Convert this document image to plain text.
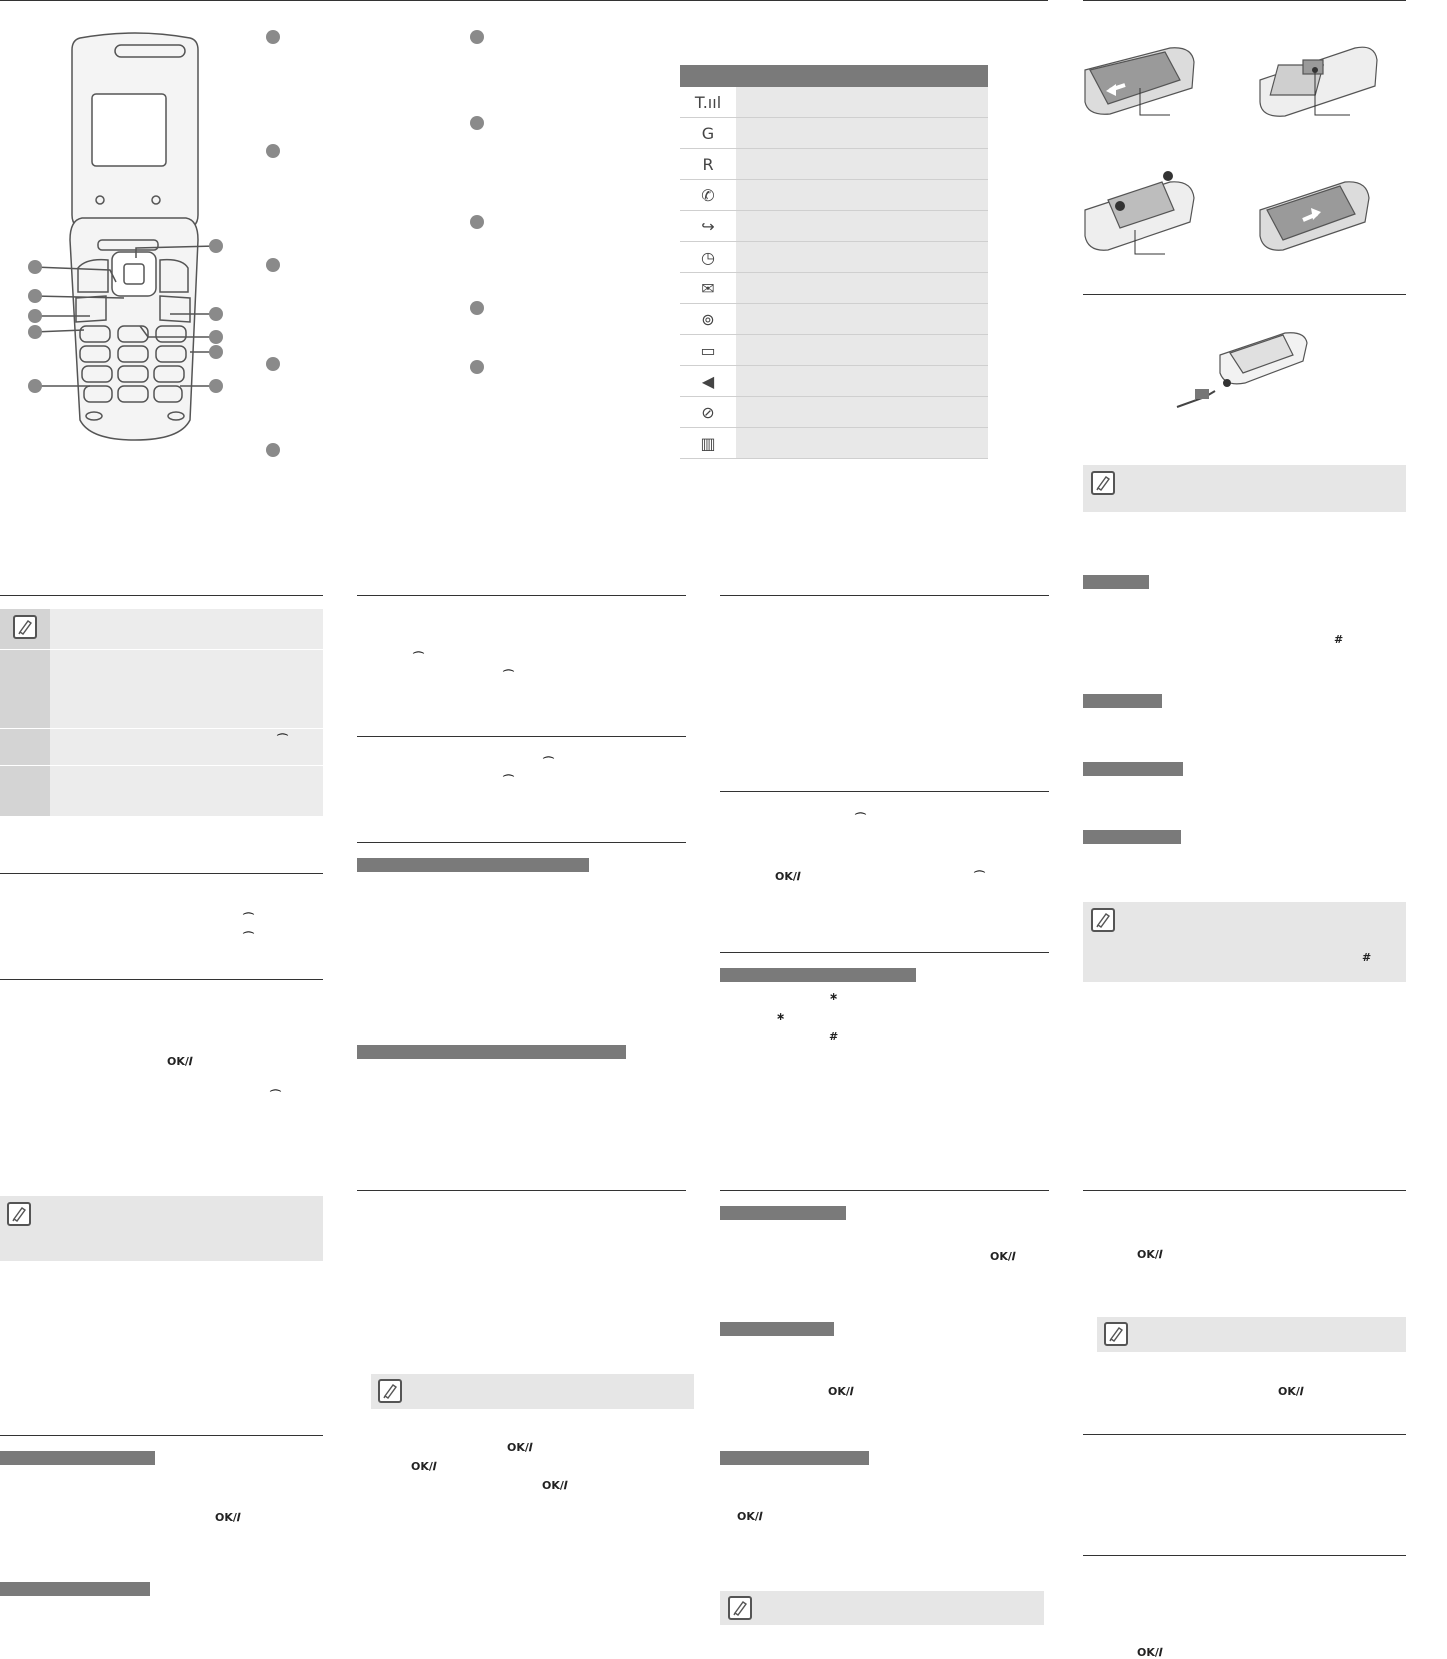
T.ııl	
G	
R	
✆	
↪	
◷	
✉	
⊚	
▭	
◀	
⊘	
▥	
#
#
OK/𝒊
OK/𝒊
OK/𝒊
⌒
⌒
⌒
OK/𝒊
⌒
OK/𝒊
⌒
⌒
⌒
⌒
OK/𝒊
OK/𝒊
OK/𝒊
⌒
OK/𝒊	⌒
∗
∗
#
OK/𝒊
OK/𝒊
OK/𝒊
